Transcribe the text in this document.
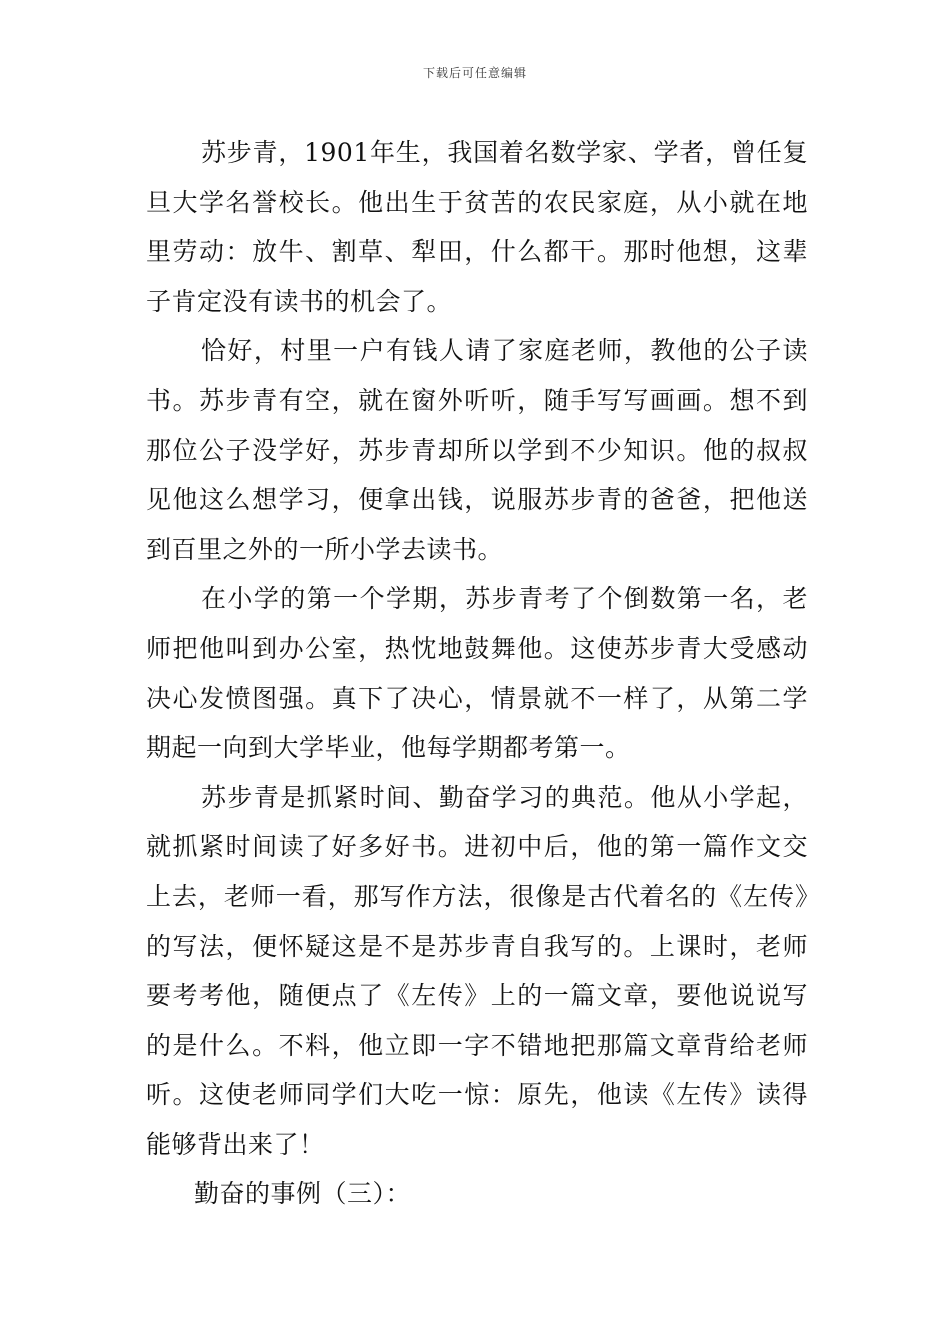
下载后可任意编辑

苏步青，1901年生，我国着名数学家、学者，曾任复旦大学名誉校长。他出生于贫苦的农民家庭，从小就在地里劳动：放牛、割草、犁田，什么都干。那时他想，这辈子肯定没有读书的机会了。

恰好，村里一户有钱人请了家庭老师，教他的公子读书。苏步青有空，就在窗外听听，随手写写画画。想不到那位公子没学好，苏步青却所以学到不少知识。他的叔叔见他这么想学习，便拿出钱，说服苏步青的爸爸，把他送到百里之外的一所小学去读书。

在小学的第一个学期，苏步青考了个倒数第一名，老师把他叫到办公室，热忱地鼓舞他。这使苏步青大受感动决心发愤图强。真下了决心，情景就不一样了，从第二学期起一向到大学毕业，他每学期都考第一。

苏步青是抓紧时间、勤奋学习的典范。他从小学起，就抓紧时间读了好多好书。进初中后，他的第一篇作文交上去，老师一看，那写作方法，很像是古代着名的《左传》的写法，便怀疑这是不是苏步青自我写的。上课时，老师要考考他，随便点了《左传》上的一篇文章，要他说说写的是什么。不料，他立即一字不错地把那篇文章背给老师听。这使老师同学们大吃一惊：原先，他读《左传》读得能够背出来了！

勤奋的事例（三）：
